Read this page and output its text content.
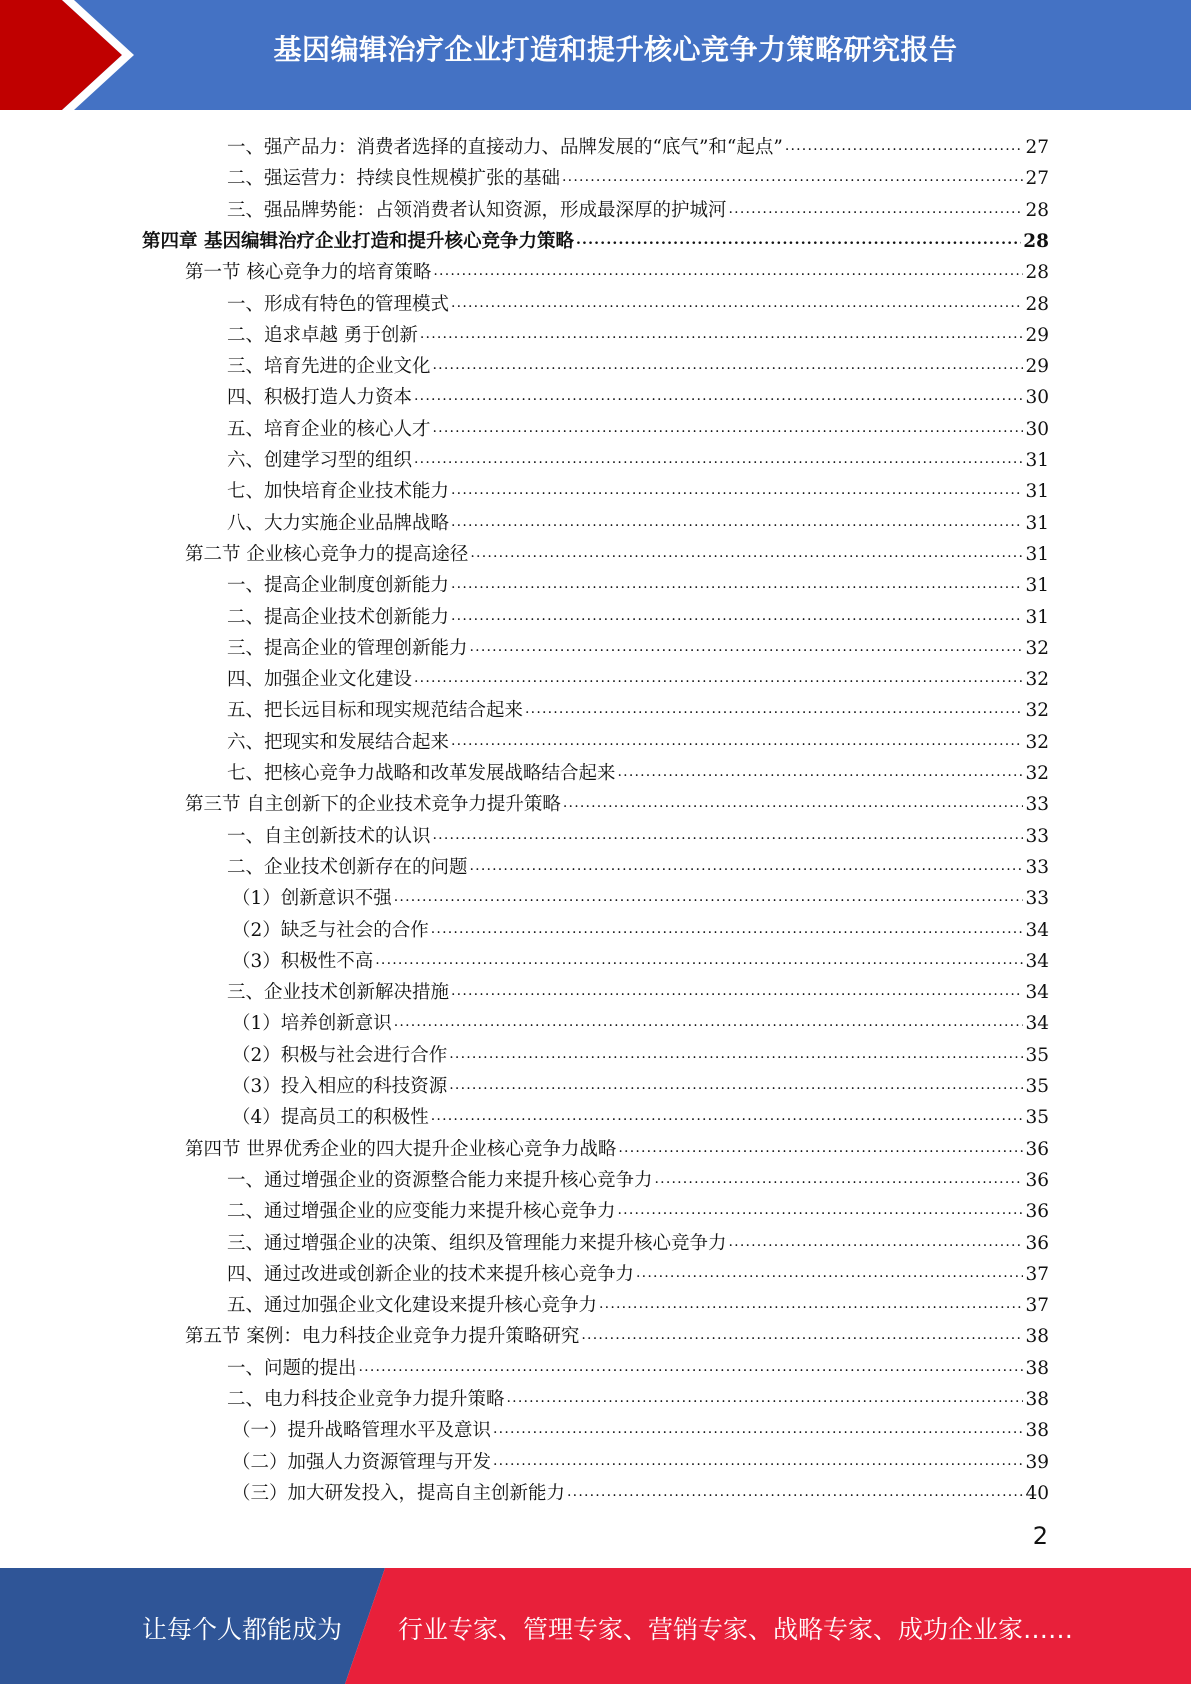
基因编辑治疗企业打造和提升核心竞争力策略研究报告
一、强产品力：消费者选择的直接动力、品牌发展的“底气”和“起点” .....	27
二、强运营力：持续良性规模扩张的基础 .....	27
三、强品牌势能：占领消费者认知资源，形成最深厚的护城河 .....	28
第四章 基因编辑治疗企业打造和提升核心竞争力策略 .....	28
第一节 核心竞争力的培育策略 .....	28
一、形成有特色的管理模式 .....	28
二、追求卓越 勇于创新 .....	29
三、培育先进的企业文化 .....	29
四、积极打造人力资本 .....	30
五、培育企业的核心人才 .....	30
六、创建学习型的组织 .....	31
七、加快培育企业技术能力 .....	31
八、大力实施企业品牌战略 .....	31
第二节 企业核心竞争力的提高途径 .....	31
一、提高企业制度创新能力 .....	31
二、提高企业技术创新能力 .....	31
三、提高企业的管理创新能力 .....	32
四、加强企业文化建设 .....	32
五、把长远目标和现实规范结合起来 .....	32
六、把现实和发展结合起来 .....	32
七、把核心竞争力战略和改革发展战略结合起来 .....	32
第三节 自主创新下的企业技术竞争力提升策略 .....	33
一、自主创新技术的认识 .....	33
二、企业技术创新存在的问题 .....	33
（1）创新意识不强 .....	33
（2）缺乏与社会的合作 .....	34
（3）积极性不高 .....	34
三、企业技术创新解决措施 .....	34
（1）培养创新意识 .....	34
（2）积极与社会进行合作 .....	35
（3）投入相应的科技资源 .....	35
（4）提高员工的积极性 .....	35
第四节 世界优秀企业的四大提升企业核心竞争力战略 .....	36
一、通过增强企业的资源整合能力来提升核心竞争力 .....	36
二、通过增强企业的应变能力来提升核心竞争力 .....	36
三、通过增强企业的决策、组织及管理能力来提升核心竞争力 .....	36
四、通过改进或创新企业的技术来提升核心竞争力 .....	37
五、通过加强企业文化建设来提升核心竞争力 .....	37
第五节 案例：电力科技企业竞争力提升策略研究 .....	38
一、问题的提出 .....	38
二、电力科技企业竞争力提升策略 .....	38
（一）提升战略管理水平及意识 .....	38
（二）加强人力资源管理与开发 .....	39
（三）加大研发投入，提高自主创新能力 .....	40
2
让每个人都能成为 行业专家、管理专家、营销专家、战略专家、成功企业家……
